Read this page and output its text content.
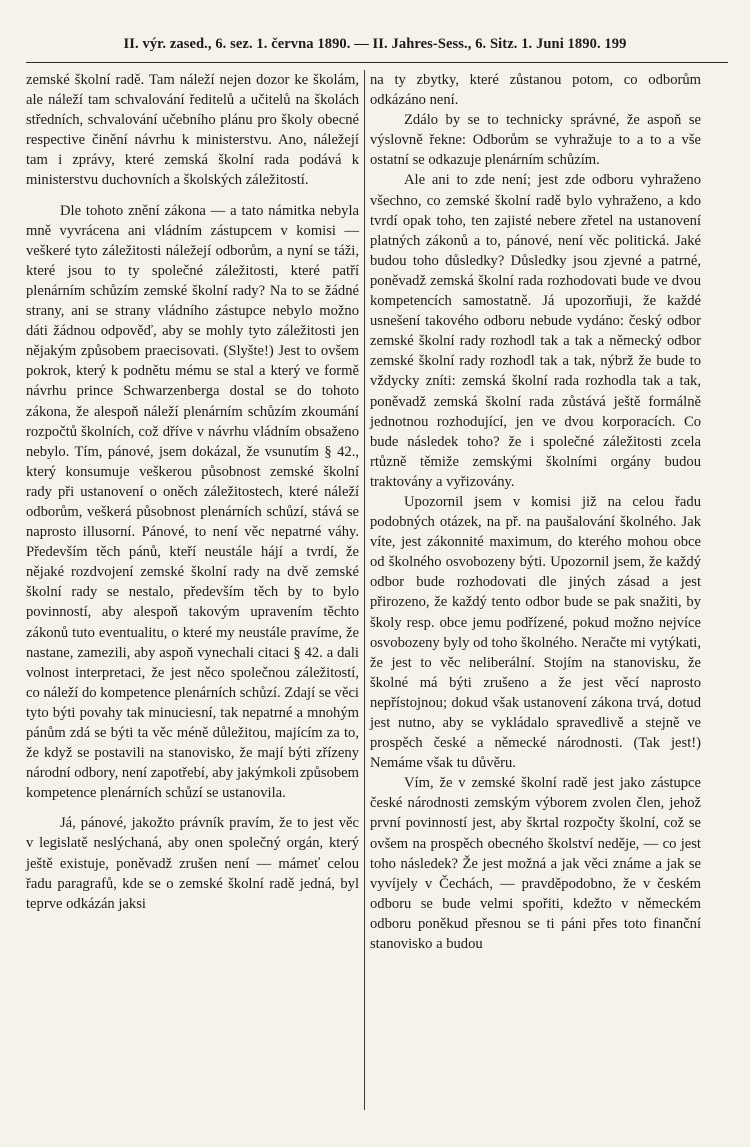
II. výr. zased., 6. sez. 1. června 1890. — II. Jahres-Sess., 6. Sitz. 1. Juni 1890. 199

zemské školní radě. Tam náleží nejen dozor ke školám, ale náleží tam schvalování ředitelů a učitelů na školách středních, schvalování učebního plánu pro školy obecné respective činění návrhu k ministerstvu. Ano, náležejí tam i zprávy, které zemská školní rada podává k ministerstvu duchovních a školských záležitostí.

Dle tohoto znění zákona — a tato námitka nebyla mně vyvrácena ani vládním zástupcem v komisi — veškeré tyto záležitosti náležejí odborům, a nyní se táži, které jsou to ty společné záležitosti, které patří plenárním schůzím zemské školní rady? Na to se žádné strany, ani se strany vládního zástupce nebylo možno dáti žádnou odpověď, aby se mohly tyto záležitosti jen nějakým způsobem praecisovati. (Slyšte!) Jest to ovšem pokrok, který k podnětu mému se stal a který ve formě návrhu prince Schwarzenberga dostal se do tohoto zákona, že alespoň náleží plenárním schůzím zkoumání rozpočtů školních, což dříve v návrhu vládním obsaženo nebylo. Tím, pánové, jsem dokázal, že vsunutím § 42., který konsumuje veškerou působnost zemské školní rady při ustanovení o oněch záležitostech, které náleží odborům, veškerá působnost plenárních schůzí, stává se naprosto illusorní. Pánové, to není věc nepatrné váhy. Především těch pánů, kteří neustále hájí a tvrdí, že nějaké rozdvojení zemské školní rady na dvě zemské školní rady se nestalo, především těch by to bylo povinností, aby alespoň takovým upravením těchto zákonů tuto eventualitu, o které my neustále pravíme, že nastane, zamezili, aby aspoň vynechali citaci § 42. a dali volnost interpretaci, že jest něco společnou záležitostí, co náleží do kompetence plenárních schůzí. Zdají se věci tyto býti povahy tak minuciesní, tak nepatrné a mnohým pánům zdá se býti ta věc méně důležitou, majícím za to, že když se postavili na stanovisko, že mají býti zřízeny národní odbory, není zapotřebí, aby jakýmkoli způsobem kompetence plenárních schůzí se ustanovila.

Já, pánové, jakožto právník pravím, že to jest věc v legislatě neslýchaná, aby onen společný orgán, který ještě existuje, poněvadž zrušen není — mámeť celou řadu paragrafů, kde se o zemské školní radě jedná, byl teprve odkázán jaksi

na ty zbytky, které zůstanou potom, co odborům odkázáno není.

Zdálo by se to technicky správné, že aspoň se výslovně řekne: Odborům se vyhražuje to a to a vše ostatní se odkazuje plenárním schůzím.

Ale ani to zde není; jest zde odboru vyhraženo všechno, co zemské školní radě bylo vyhraženo, a kdo tvrdí opak toho, ten zajisté nebere zřetel na ustanovení platných zákonů a to, pánové, není věc politická. Jaké budou toho důsledky? Důsledky jsou zjevné a patrné, poněvadž zemská školní rada rozhodovati bude ve dvou kompetencích samostatně. Já upozorňuji, že každé usnešení takového odboru nebude vydáno: český odbor zemské školní rady rozhodl tak a tak a německý odbor zemské školní rady rozhodl tak a tak, nýbrž že bude to vždycky zníti: zemská školní rada rozhodla tak a tak, poněvadž zemská školní rada zůstává ještě formálně jednotnou rozhodující, jen ve dvou korporacích. Co bude následek toho? že i společné záležitosti zcela rtůzně těmiže zemskými školními orgány budou traktovány a vyřizovány.

Upozornil jsem v komisi již na celou řadu podobných otázek, na př. na paušalování školného. Jak víte, jest zákonnité maximum, do kterého mohou obce od školného osvobozeny býti. Upozornil jsem, že každý odbor bude rozhodovati dle jiných zásad a jest přirozeno, že každý tento odbor bude se pak snažiti, by školy resp. obce jemu podřízené, pokud možno nejvíce osvobozeny byly od toho školného. Neračte mi vytýkati, že jest to věc neliberální. Stojím na stanovisku, že školné má býti zrušeno a že jest věcí naprosto nepřístojnou; dokud však ustanovení zákona trvá, dotud jest nutno, aby se vykládalo spravedlivě a stejně ve prospěch české a německé národnosti. (Tak jest!) Nemáme však tu důvěru.

Vím, že v zemské školní radě jest jako zástupce české národnosti zemským výborem zvolen člen, jehož první povinností jest, aby škrtal rozpočty školní, což se ovšem na prospěch obecného školství neděje, — co jest toho následek? Že jest možná a jak věci známe a jak se vyvíjely v Čechách, — pravděpodobno, že v českém odboru se bude velmi spořiti, kdežto v německém odboru poněkud přesnou se ti páni přes toto finanční stanovisko a budou
